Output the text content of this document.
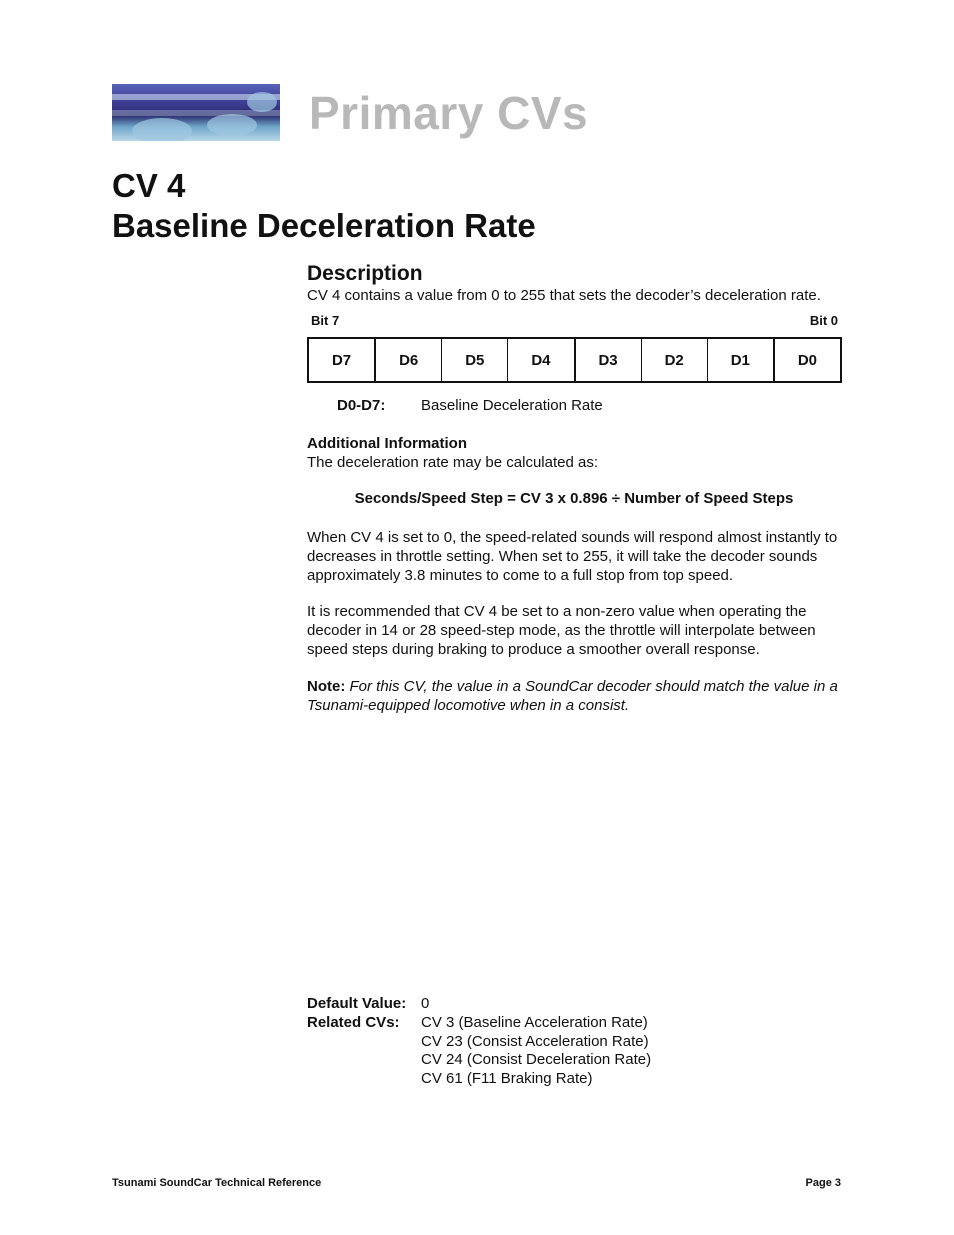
Primary CVs
CV 4
Baseline Deceleration Rate
Description
CV 4 contains a value from 0 to 255 that sets the decoder’s deceleration rate.
Bit 7	Bit 0
D7	D6	D5	D4	D3	D2	D1	D0
D0-D7: Baseline Deceleration Rate
Additional Information
The deceleration rate may be calculated as:
Seconds/Speed Step = CV 3 x 0.896 ÷ Number of Speed Steps
When CV 4 is set to 0, the speed-related sounds will respond almost instantly to decreases in throttle setting. When set to 255, it will take the decoder sounds approximately 3.8 minutes to come to a full stop from top speed.
It is recommended that CV 4 be set to a non-zero value when operating the decoder in 14 or 28 speed-step mode, as the throttle will interpolate between speed steps during braking to produce a smoother overall response.
Note: For this CV, the value in a SoundCar decoder should match the value in a Tsunami-equipped locomotive when in a consist.
Default Value: 0
Related CVs: CV 3 (Baseline Acceleration Rate)
CV 23 (Consist Acceleration Rate)
CV 24 (Consist Deceleration Rate)
CV 61 (F11 Braking Rate)
Tsunami SoundCar Technical Reference	Page 3
